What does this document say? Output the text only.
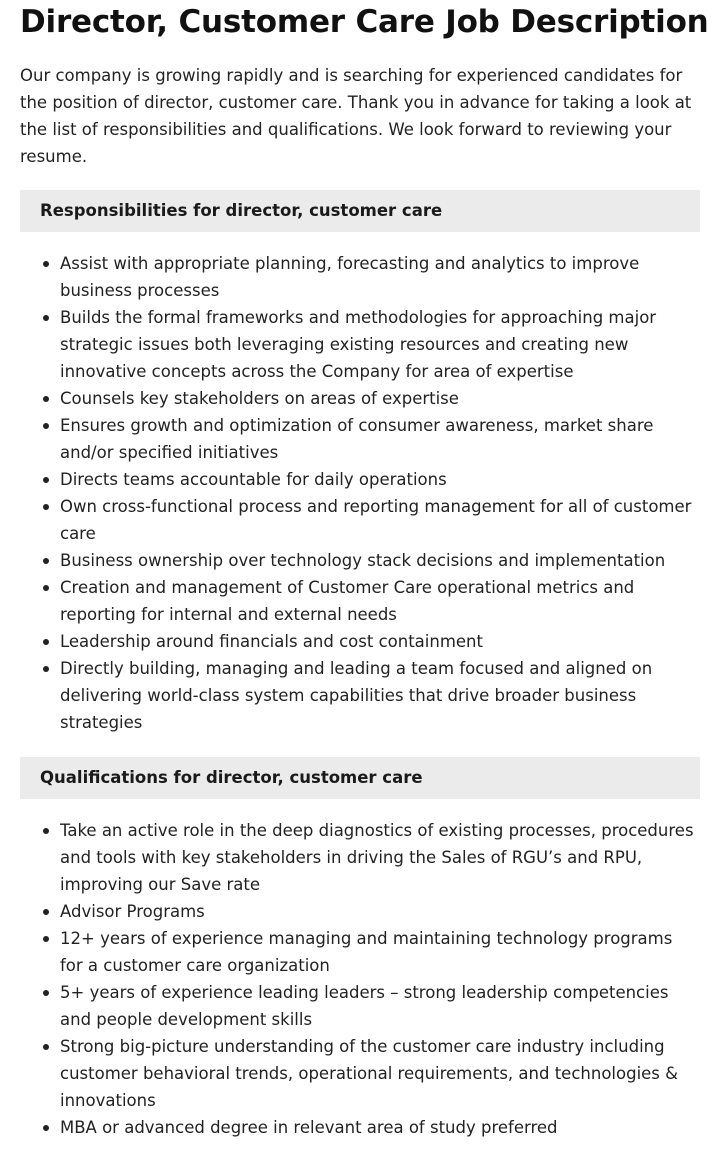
Director, Customer Care Job Description

Our company is growing rapidly and is searching for experienced candidates for the position of director, customer care. Thank you in advance for taking a look at the list of responsibilities and qualifications. We look forward to reviewing your resume.

Responsibilities for director, customer care
Assist with appropriate planning, forecasting and analytics to improve business processes
Builds the formal frameworks and methodologies for approaching major strategic issues both leveraging existing resources and creating new innovative concepts across the Company for area of expertise
Counsels key stakeholders on areas of expertise
Ensures growth and optimization of consumer awareness, market share and/or specified initiatives
Directs teams accountable for daily operations
Own cross-functional process and reporting management for all of customer care
Business ownership over technology stack decisions and implementation
Creation and management of Customer Care operational metrics and reporting for internal and external needs
Leadership around financials and cost containment
Directly building, managing and leading a team focused and aligned on delivering world-class system capabilities that drive broader business strategies
Qualifications for director, customer care
Take an active role in the deep diagnostics of existing processes, procedures and tools with key stakeholders in driving the Sales of RGU’s and RPU, improving our Save rate
Advisor Programs
12+ years of experience managing and maintaining technology programs for a customer care organization
5+ years of experience leading leaders – strong leadership competencies and people development skills
Strong big-picture understanding of the customer care industry including customer behavioral trends, operational requirements, and technologies & innovations
MBA or advanced degree in relevant area of study preferred
